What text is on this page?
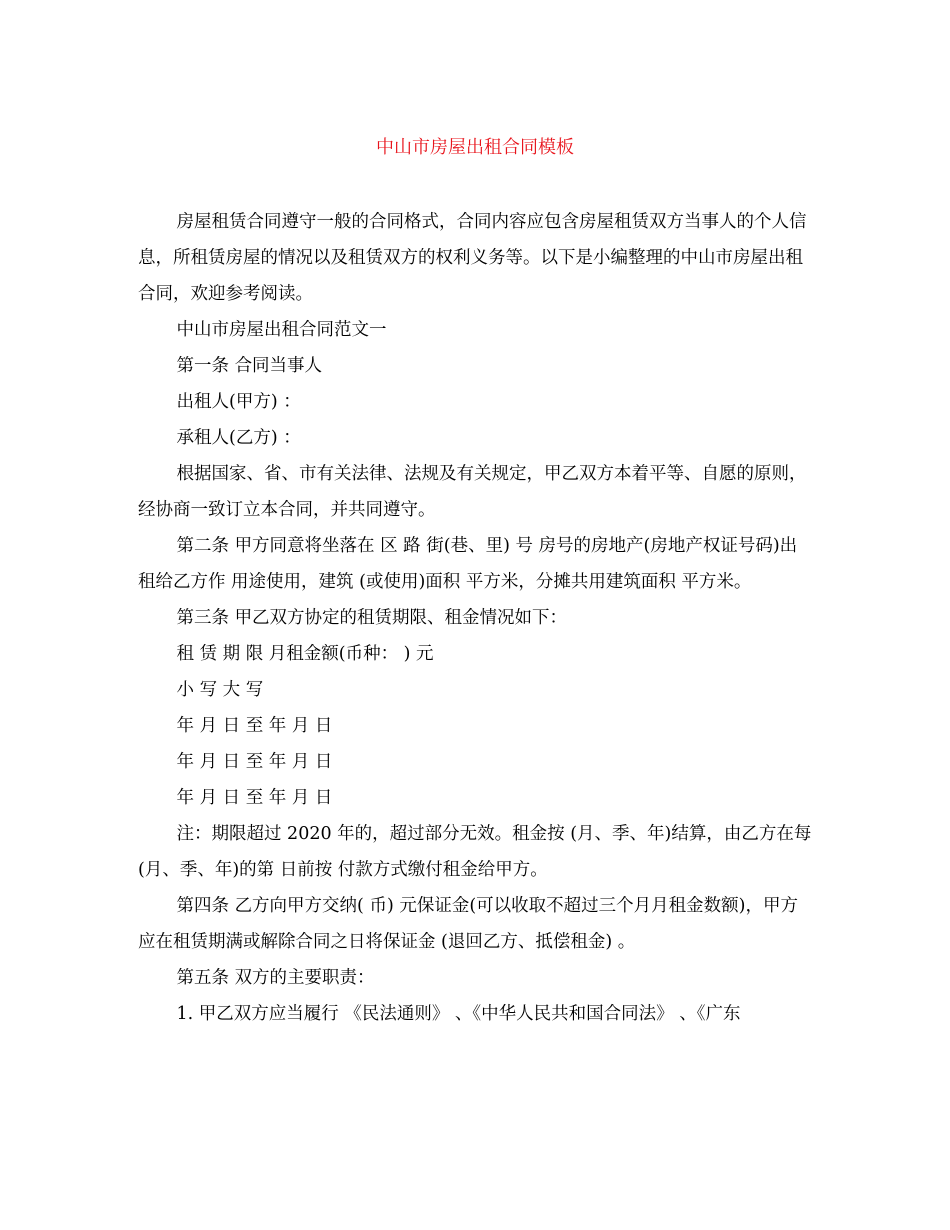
中山市房屋出租合同模板

房屋租赁合同遵守一般的合同格式，合同内容应包含房屋租赁双方当事人的个人信息，所租赁房屋的情况以及租赁双方的权利义务等。以下是小编整理的中山市房屋出租合同，欢迎参考阅读。

中山市房屋出租合同范文一

第一条 合同当事人

出租人(甲方) ：

承租人(乙方) ：

根据国家、省、市有关法律、法规及有关规定，甲乙双方本着平等、自愿的原则，经协商一致订立本合同，并共同遵守。

第二条 甲方同意将坐落在 区 路 街(巷、里) 号 房号的房地产(房地产权证号码)出租给乙方作 用途使用，建筑 (或使用)面积 平方米，分摊共用建筑面积 平方米。

第三条 甲乙双方协定的租赁期限、租金情况如下：

租 赁 期 限 月租金额(币种： ) 元

小 写 大 写

年 月 日 至 年 月 日

年 月 日 至 年 月 日

年 月 日 至 年 月 日

注：期限超过 2020 年的，超过部分无效。租金按 (月、季、年)结算，由乙方在每 (月、季、年)的第 日前按 付款方式缴付租金给甲方。

第四条 乙方向甲方交纳( 币) 元保证金(可以收取不超过三个月月租金数额)，甲方应在租赁期满或解除合同之日将保证金 (退回乙方、抵偿租金) 。

第五条 双方的主要职责：

1. 甲乙双方应当履行 《民法通则》 、《中华人民共和国合同法》 、《广东
